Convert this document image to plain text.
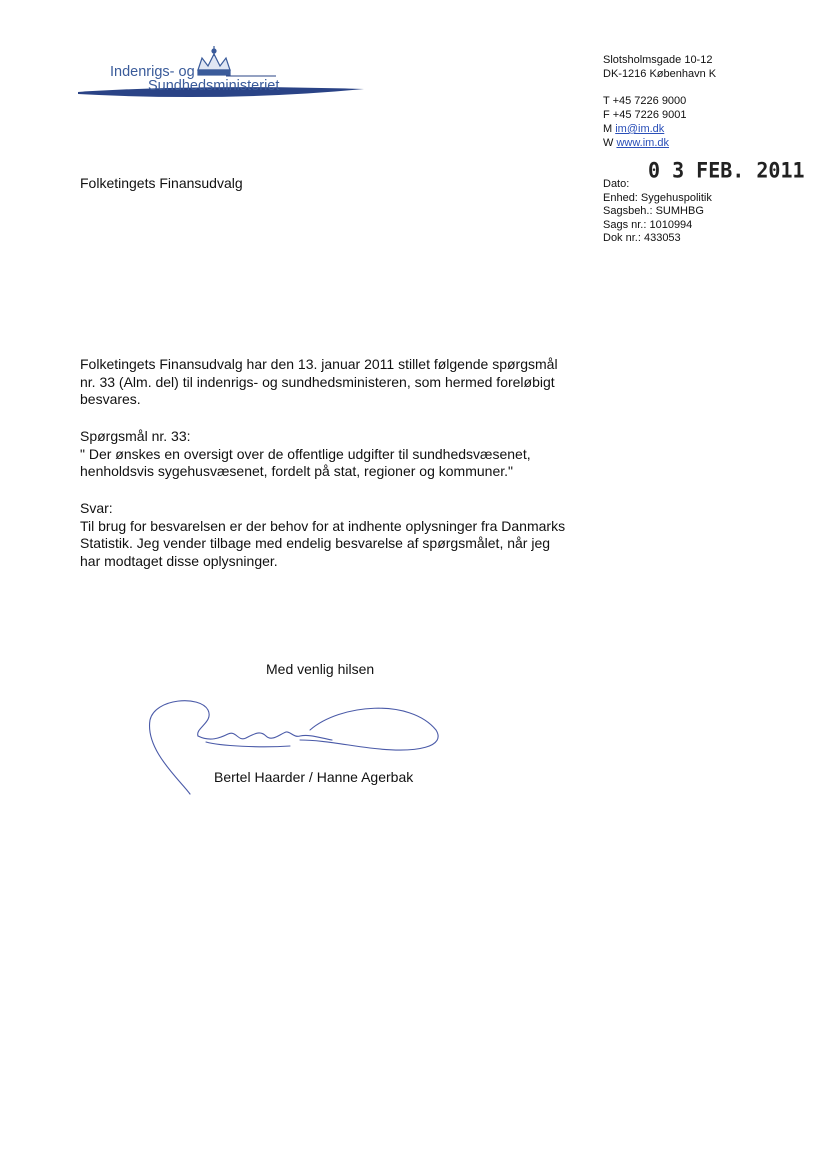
Indenrigs- og
Sundhedsministeriet
Slotsholmsgade 10-12
DK-1216 København K
T +45 7226 9000
F +45 7226 9001
M im@im.dk
W www.im.dk
0 3 FEB. 2011
Dato:
Enhed: Sygehuspolitik
Sagsbeh.: SUMHBG
Sags nr.: 1010994
Dok nr.: 433053
Folketingets Finansudvalg
Folketingets Finansudvalg har den 13. januar 2011 stillet følgende spørgsmål
nr. 33 (Alm. del) til indenrigs- og sundhedsministeren, som hermed foreløbigt
besvares.
Spørgsmål nr. 33:
" Der ønskes en oversigt over de offentlige udgifter til sundhedsvæsenet,
henholdsvis sygehusvæsenet, fordelt på stat, regioner og kommuner."
Svar:
Til brug for besvarelsen er der behov for at indhente oplysninger fra Danmarks
Statistik. Jeg vender tilbage med endelig besvarelse af spørgsmålet, når jeg
har modtaget disse oplysninger.
Med venlig hilsen
Bertel Haarder / Hanne Agerbak
